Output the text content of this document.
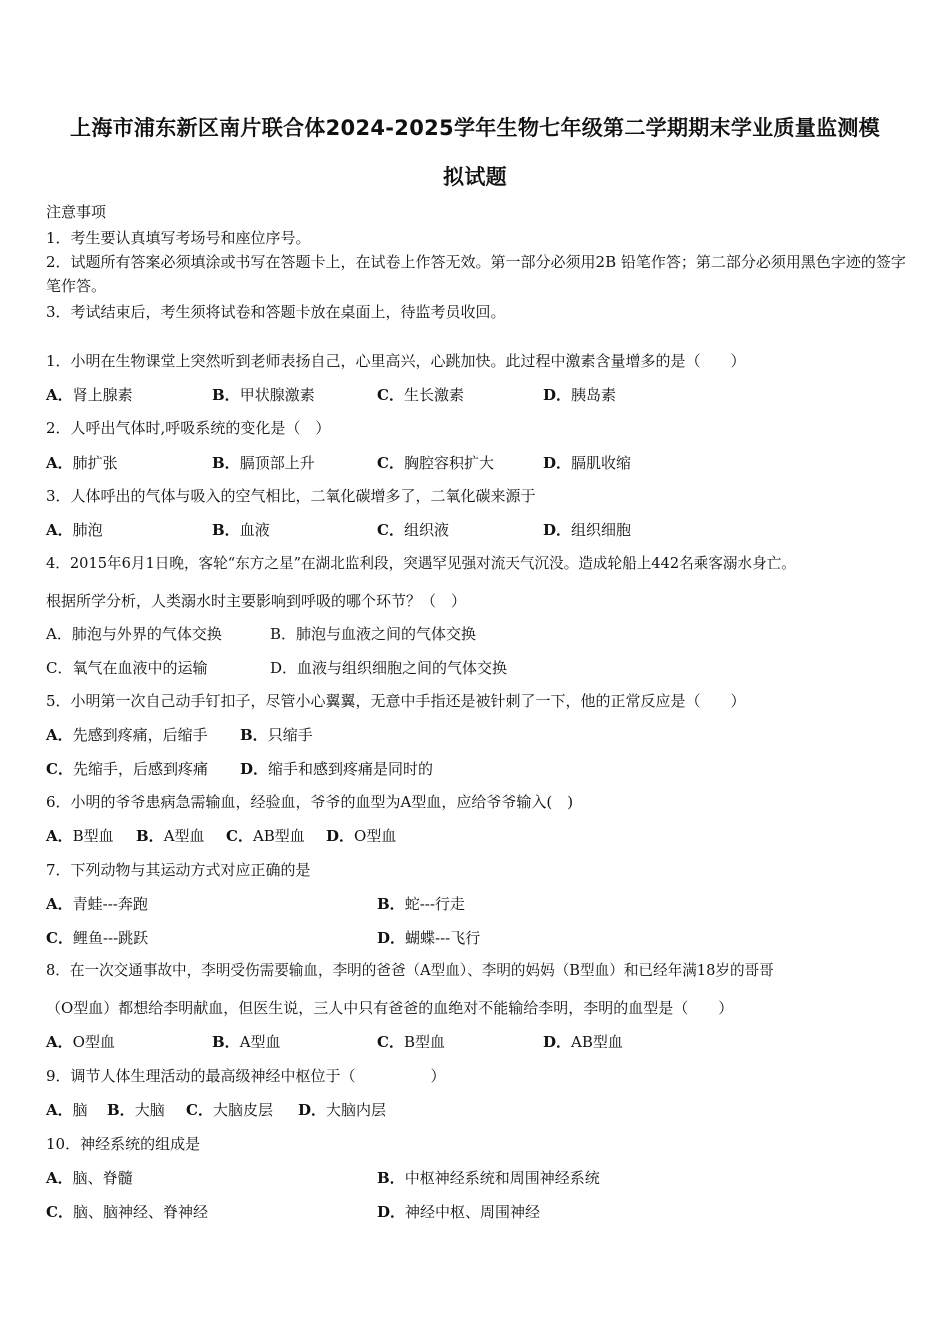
上海市浦东新区南片联合体2024-2025学年生物七年级第二学期期末学业质量监测模
拟试题
注意事项
1．考生要认真填写考场号和座位序号。
2．试题所有答案必须填涂或书写在答题卡上，在试卷上作答无效。第一部分必须用2B 铅笔作答；第二部分必须用黑色字迹的签字笔作答。
3．考试结束后，考生须将试卷和答题卡放在桌面上，待监考员收回。
1．小明在生物课堂上突然听到老师表扬自己，心里高兴，心跳加快。此过程中激素含量增多的是（　　）
A．肾上腺素	B．甲状腺激素	C．生长激素	D．胰岛素
2．人呼出气体时,呼吸系统的变化是（　）
A．肺扩张	B．膈顶部上升	C．胸腔容积扩大	D．膈肌收缩
3．人体呼出的气体与吸入的空气相比，二氧化碳增多了，二氧化碳来源于
A．肺泡	B．血液	C．组织液	D．组织细胞
4．2015年6月1日晚，客轮“东方之星”在湖北监利段，突遇罕见强对流天气沉没。造成轮船上442名乘客溺水身亡。
根据所学分析，人类溺水时主要影响到呼吸的哪个环节？（　）
A．肺泡与外界的气体交换	B．肺泡与血液之间的气体交换
C．氧气在血液中的运输	D．血液与组织细胞之间的气体交换
5．小明第一次自己动手钉扣子，尽管小心翼翼，无意中手指还是被针刺了一下，他的正常反应是（　　）
A．先感到疼痛，后缩手 B．只缩手
C．先缩手，后感到疼痛 D．缩手和感到疼痛是同时的
6．小明的爷爷患病急需输血，经验血，爷爷的血型为A型血，应给爷爷输入(　)
A．B型血 B．A型血 C．AB型血 D．O型血
7．下列动物与其运动方式对应正确的是
A．青蛙---奔跑	B．蛇---行走
C．鲤鱼---跳跃	D．蝴蝶---飞行
8．在一次交通事故中，李明受伤需要输血，李明的爸爸（A型血）、李明的妈妈（B型血）和已经年满18岁的哥哥
（O型血）都想给李明献血，但医生说，三人中只有爸爸的血绝对不能输给李明，李明的血型是（　　）
A．O型血	B．A型血	C．B型血	D．AB型血
9．调节人体生理活动的最高级神经中枢位于（　　　　　）
A．脑 B．大脑 C．大脑皮层 D．大脑内层
10．神经系统的组成是
A．脑、脊髓	B．中枢神经系统和周围神经系统
C．脑、脑神经、脊神经	D．神经中枢、周围神经
